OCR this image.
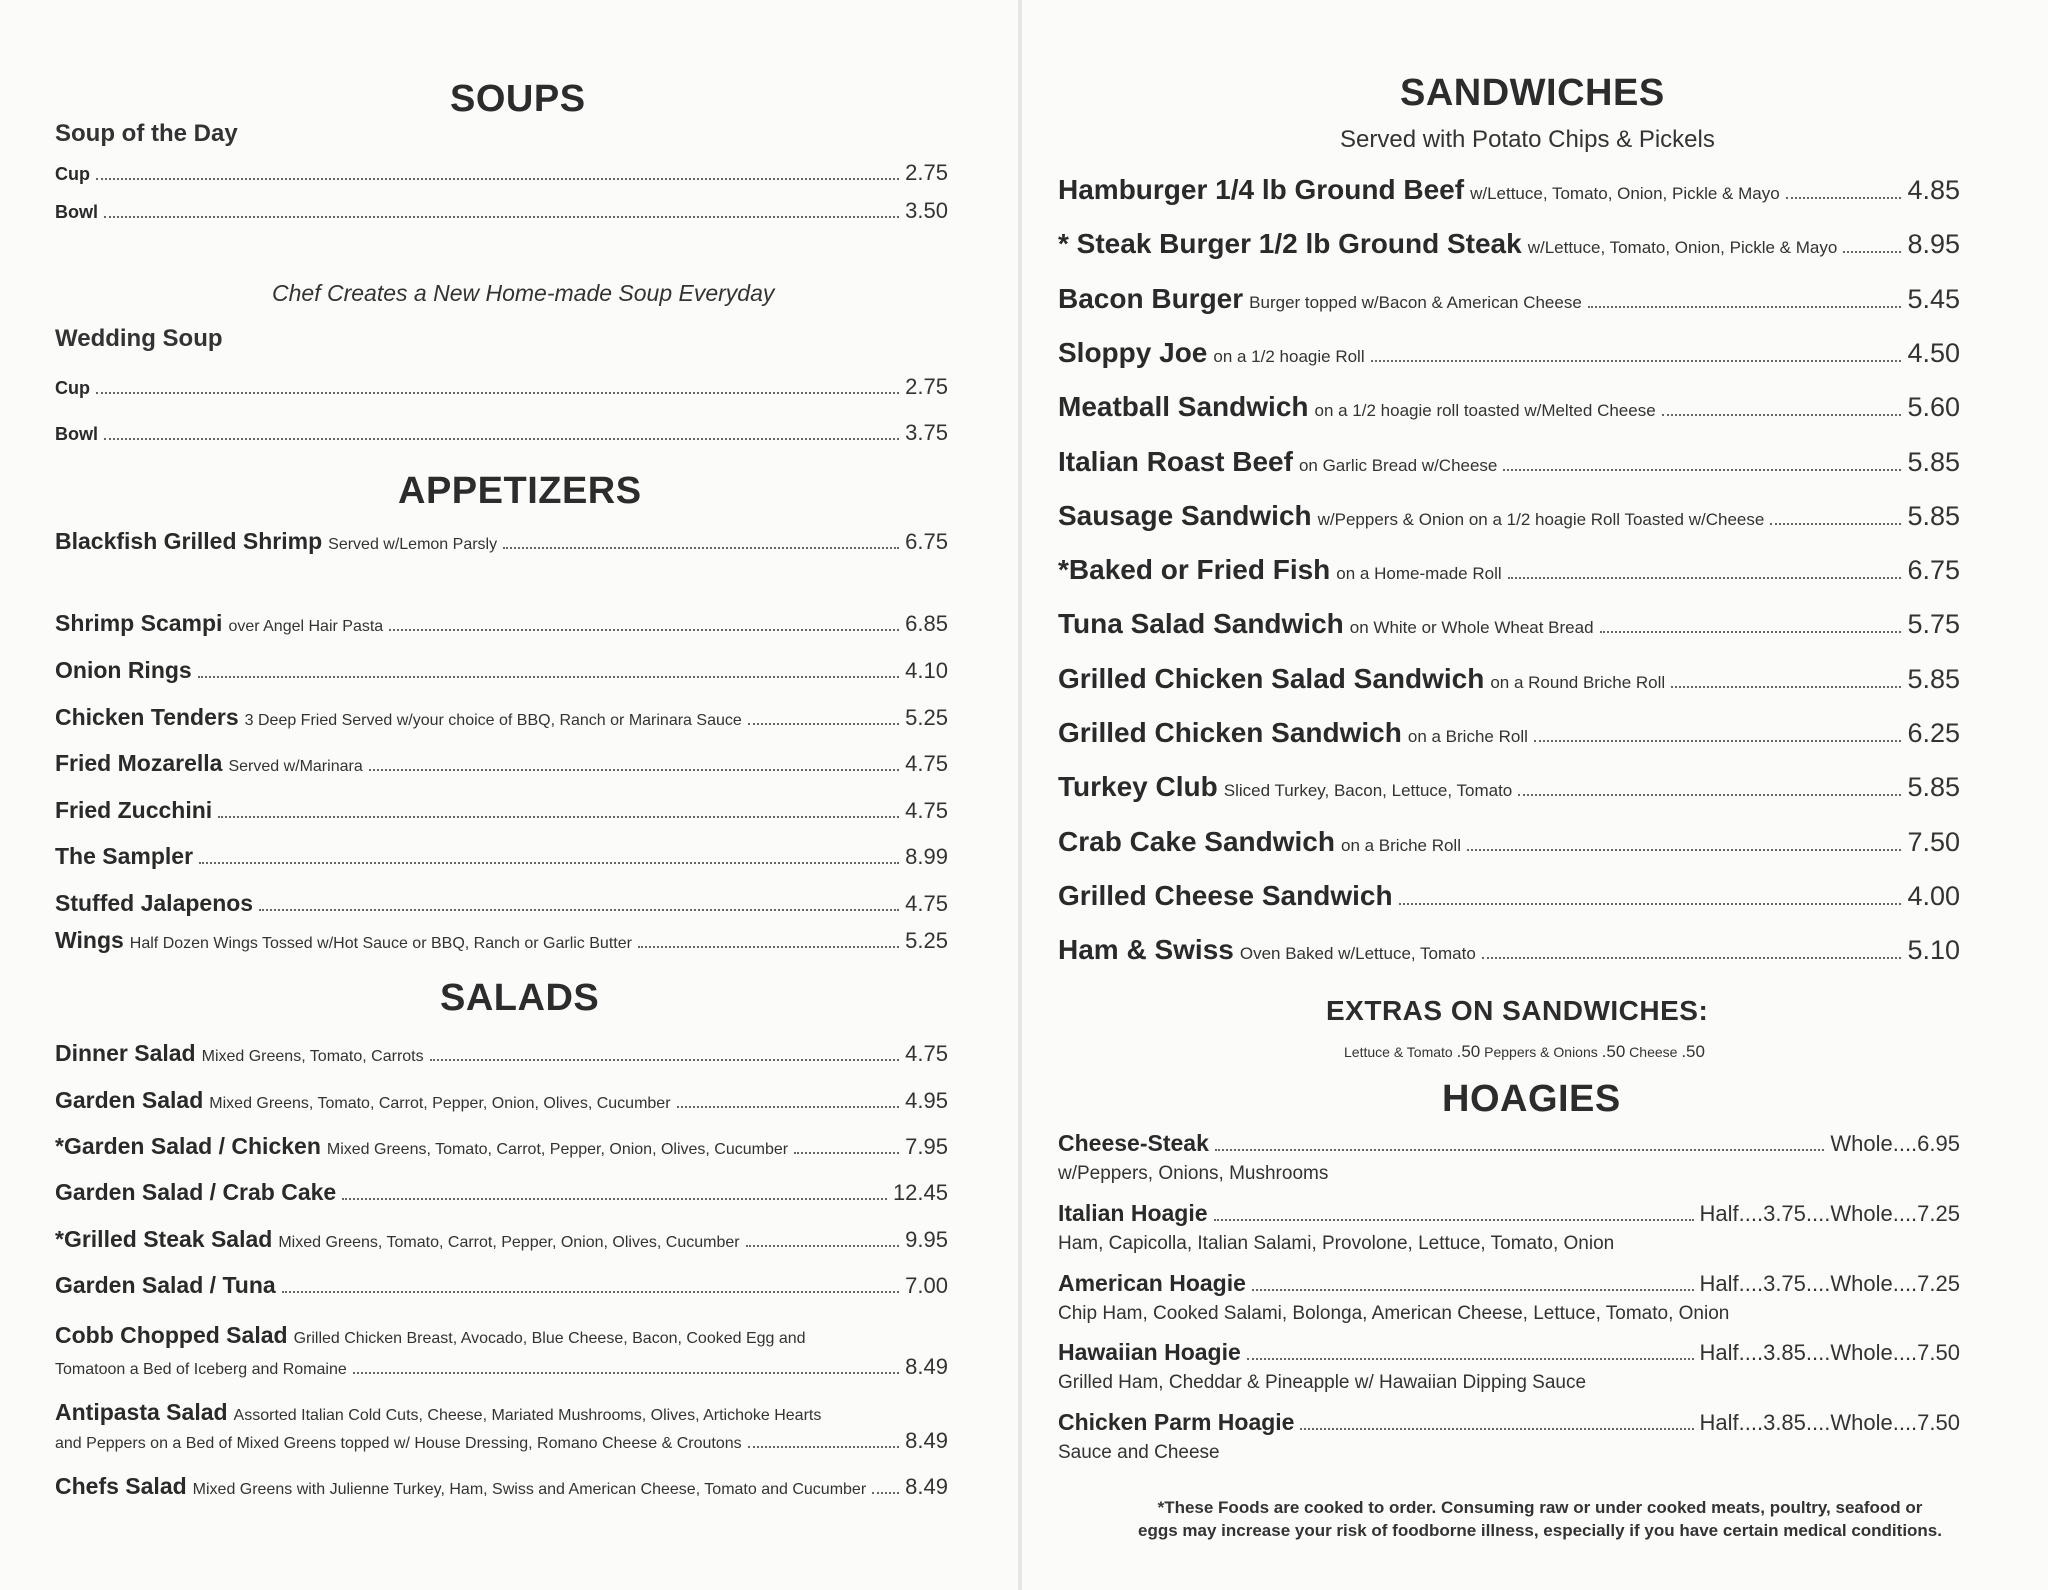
SOUPS
Soup of the Day
Cup	2.75
Bowl	3.50
Chef Creates a New Home-made Soup Everyday
Wedding Soup
Cup	2.75
Bowl	3.75
APPETIZERS
Blackfish Grilled Shrimp Served w/Lemon Parsly	6.75
Shrimp Scampi over Angel Hair Pasta	6.85
Onion Rings	4.10
Chicken Tenders 3 Deep Fried Served w/your choice of BBQ, Ranch or Marinara Sauce	5.25
Fried Mozarella Served w/Marinara	4.75
Fried Zucchini	4.75
The Sampler	8.99
Stuffed Jalapenos	4.75
Wings Half Dozen Wings Tossed w/Hot Sauce or BBQ, Ranch or Garlic Butter	5.25
SALADS
Dinner Salad Mixed Greens, Tomato, Carrots	4.75
Garden Salad Mixed Greens, Tomato, Carrot, Pepper, Onion, Olives, Cucumber	4.95
*Garden Salad / Chicken Mixed Greens, Tomato, Carrot, Pepper, Onion, Olives, Cucumber	7.95
Garden Salad / Crab Cake	12.45
*Grilled Steak Salad Mixed Greens, Tomato, Carrot, Pepper, Onion, Olives, Cucumber	9.95
Garden Salad / Tuna	7.00
Cobb Chopped Salad Grilled Chicken Breast, Avocado, Blue Cheese, Bacon, Cooked Egg and
Tomatoon a Bed of Iceberg and Romaine	8.49
Antipasta Salad Assorted Italian Cold Cuts, Cheese, Mariated Mushrooms, Olives, Artichoke Hearts
and Peppers on a Bed of Mixed Greens topped w/ House Dressing, Romano Cheese & Croutons	8.49
Chefs Salad Mixed Greens with Julienne Turkey, Ham, Swiss and American Cheese, Tomato and Cucumber 8.49
SANDWICHES
Served with Potato Chips & Pickels
Hamburger 1/4 lb Ground Beef w/Lettuce, Tomato, Onion, Pickle & Mayo	4.85
* Steak Burger 1/2 lb Ground Steak w/Lettuce, Tomato, Onion, Pickle & Mayo	8.95
Bacon Burger Burger topped w/Bacon & American Cheese	5.45
Sloppy Joe on a 1/2 hoagie Roll	4.50
Meatball Sandwich on a 1/2 hoagie roll toasted w/Melted Cheese	5.60
Italian Roast Beef on Garlic Bread w/Cheese	5.85
Sausage Sandwich w/Peppers & Onion on a 1/2 hoagie Roll Toasted w/Cheese	5.85
*Baked or Fried Fish on a Home-made Roll	6.75
Tuna Salad Sandwich on White or Whole Wheat Bread	5.75
Grilled Chicken Salad Sandwich on a Round Briche Roll	5.85
Grilled Chicken Sandwich on a Briche Roll	6.25
Turkey Club Sliced Turkey, Bacon, Lettuce, Tomato	5.85
Crab Cake Sandwich on a Briche Roll	7.50
Grilled Cheese Sandwich	4.00
Ham & Swiss Oven Baked w/Lettuce, Tomato	5.10
EXTRAS ON SANDWICHES:
Lettuce & Tomato .50 Peppers & Onions .50 Cheese .50
HOAGIES
Cheese-Steak	Whole .... 6.95
w/Peppers, Onions, Mushrooms
Italian Hoagie	Half .... 3.75 .... Whole .... 7.25
Ham, Capicolla, Italian Salami, Provolone, Lettuce, Tomato, Onion
American Hoagie	Half .... 3.75 .... Whole .... 7.25
Chip Ham, Cooked Salami, Bolonga, American Cheese, Lettuce, Tomato, Onion
Hawaiian Hoagie	Half .... 3.85 .... Whole .... 7.50
Grilled Ham, Cheddar & Pineapple w/ Hawaiian Dipping Sauce
Chicken Parm Hoagie	Half .... 3.85 .... Whole .... 7.50
Sauce and Cheese
*These Foods are cooked to order. Consuming raw or under cooked meats, poultry, seafood or
eggs may increase your risk of foodborne illness, especially if you have certain medical conditions.
